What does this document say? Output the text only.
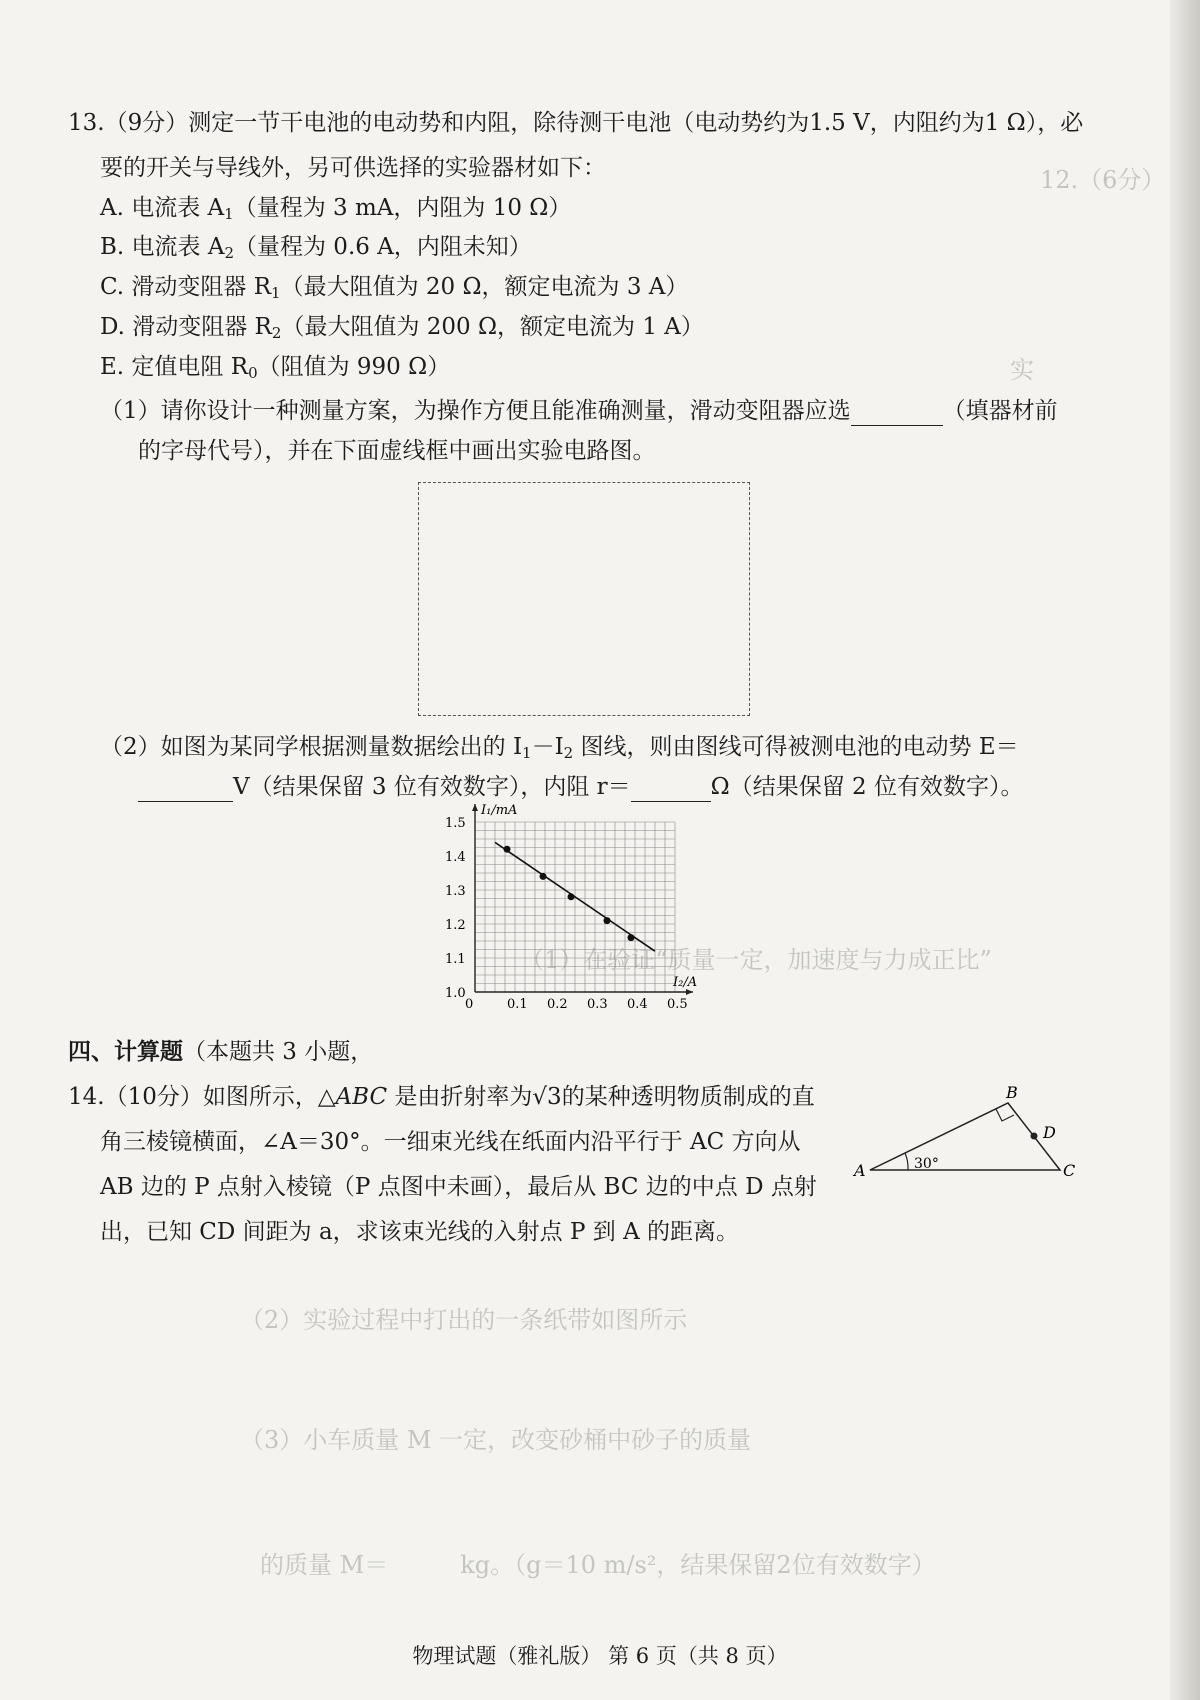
12.（6分）
实
（1）在验证“质量一定，加速度与力成正比”
（2）实验过程中打出的一条纸带如图所示
（3）小车质量 M 一定，改变砂桶中砂子的质量
的质量 M＝　　　kg。（g＝10 m/s²，结果保留2位有效数字）
13.（9分）测定一节干电池的电动势和内阻，除待测干电池（电动势约为1.5 V，内阻约为1 Ω），必
要的开关与导线外，另可供选择的实验器材如下：
A. 电流表 $A_1$（量程为 3 mA，内阻为 10 Ω）
B. 电流表 $A_2$（量程为 0.6 A，内阻未知）
C. 滑动变阻器 $R_1$（最大阻值为 20 Ω，额定电流为 3 A）
D. 滑动变阻器 $R_2$（最大阻值为 200 Ω，额定电流为 1 A）
E. 定值电阻 $R_0$（阻值为 990 Ω）
（1）请你设计一种测量方案，为操作方便且能准确测量，滑动变阻器应选	（填器材前
的字母代号），并在下面虚线框中画出实验电路图。
（2）如图为某同学根据测量数据绘出的 $I_1-I_2$ 图线，则由图线可得被测电池的电动势 E＝
V（结果保留 3 位有效数字），内阻 r＝	Ω（结果保留 2 位有效数字）。
0	0.1 0.2 0.3 0.4 0.5
1.0
1.1
1.2
1.3
1.4
1.5
I₂/A
I₁/mA
四、计算题（本题共 3 小题，
14.（10分）如图所示，△ABC 是由折射率为√3的某种透明物质制成的直
角三棱镜横面，∠A＝30°。一细束光线在纸面内沿平行于 AC 方向从
AB 边的 P 点射入棱镜（P 点图中未画），最后从 BC 边的中点 D 点射
出，已知 CD 间距为 a，求该束光线的入射点 P 到 A 的距离。
A
B
C
D
30°
物理试题（雅礼版） 第 6 页（共 8 页）
